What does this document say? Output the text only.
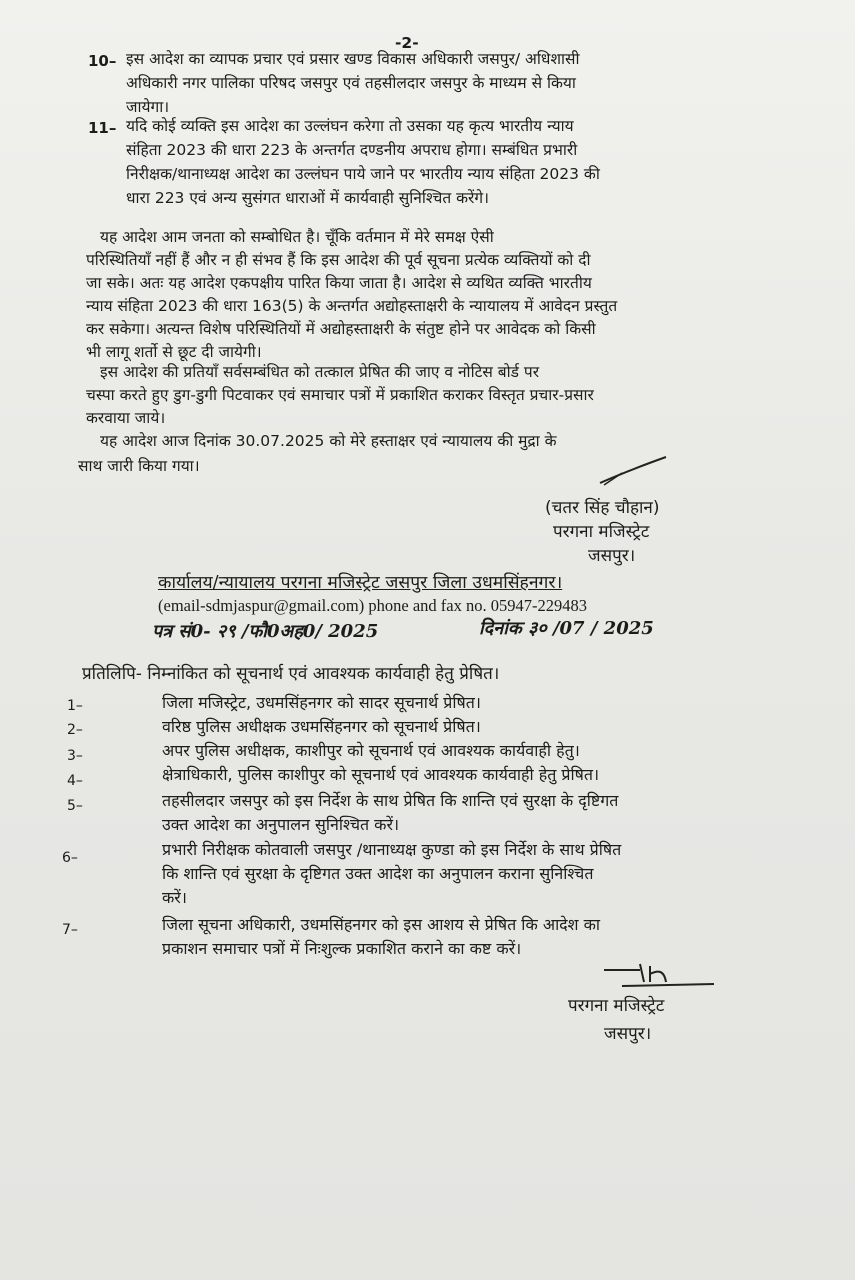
-2-
10– इस आदेश का व्यापक प्रचार एवं प्रसार खण्ड विकास अधिकारी जसपुर/ अधिशासी
अधिकारी नगर पालिका परिषद जसपुर एवं तहसीलदार जसपुर के माध्यम से किया
जायेगा।
11– यदि कोई व्यक्ति इस आदेश का उल्लंघन करेगा तो उसका यह कृत्य भारतीय न्याय
संहिता 2023 की धारा 223 के अन्तर्गत दण्डनीय अपराध होगा। सम्बंधित प्रभारी
निरीक्षक/थानाध्यक्ष आदेश का उल्लंघन पाये जाने पर भारतीय न्याय संहिता 2023 की
धारा 223 एवं अन्य सुसंगत धाराओं में कार्यवाही सुनिश्चित करेंगे।
यह आदेश आम जनता को सम्बोधित है। चूँकि वर्तमान में मेरे समक्ष ऐसी
परिस्थितियाँ नहीं हैं और न ही संभव हैं कि इस आदेश की पूर्व सूचना प्रत्येक व्यक्तियों को दी
जा सके। अतः यह आदेश एकपक्षीय पारित किया जाता है। आदेश से व्यथित व्यक्ति भारतीय
न्याय संहिता 2023 की धारा 163(5) के अन्तर्गत अद्योहस्ताक्षरी के न्यायालय में आवेदन प्रस्तुत
कर सकेगा। अत्यन्त विशेष परिस्थितियों में अद्योहस्ताक्षरी के संतुष्ट होने पर आवेदक को किसी
भी लागू शर्तो से छूट दी जायेगी।
इस आदेश की प्रतियाँ सर्वसम्बंधित को तत्काल प्रेषित की जाए व नोटिस बोर्ड पर
चस्पा करते हुए डुग-डुगी पिटवाकर एवं समाचार पत्रों में प्रकाशित कराकर विस्तृत प्रचार-प्रसार
करवाया जाये।
यह आदेश आज दिनांक 30.07.2025 को मेरे हस्ताक्षर एवं न्यायालय की मुद्रा के
साथ जारी किया गया।
(चतर सिंह चौहान)
परगना मजिस्ट्रेट
जसपुर।
कार्यालय/न्यायालय परगना मजिस्ट्रेट जसपुर जिला उधमसिंहनगर।
(email-sdmjaspur@gmail.com) phone and fax no. 05947-229483
पत्र सं0- २९ /फौ0अह0/ 2025	दिनांक ३० /07 / 2025
प्रतिलिपि- निम्नांकित को सूचनार्थ एवं आवश्यक कार्यवाही हेतु प्रेषित।
1–	जिला मजिस्ट्रेट, उधमसिंहनगर को सादर सूचनार्थ प्रेषित।
2–	वरिष्ठ पुलिस अधीक्षक उधमसिंहनगर को सूचनार्थ प्रेषित।
3–	अपर पुलिस अधीक्षक, काशीपुर को सूचनार्थ एवं आवश्यक कार्यवाही हेतु।
4–	क्षेत्राधिकारी, पुलिस काशीपुर को सूचनार्थ एवं आवश्यक कार्यवाही हेतु प्रेषित।
5–	तहसीलदार जसपुर को इस निर्देश के साथ प्रेषित कि शान्ति एवं सुरक्षा के दृष्टिगत
उक्त आदेश का अनुपालन सुनिश्चित करें।
6–	प्रभारी निरीक्षक कोतवाली जसपुर /थानाध्यक्ष कुण्डा को इस निर्देश के साथ प्रेषित
कि शान्ति एवं सुरक्षा के दृष्टिगत उक्त आदेश का अनुपालन कराना सुनिश्चित
करें।
7–	जिला सूचना अधिकारी, उधमसिंहनगर को इस आशय से प्रेषित कि आदेश का
प्रकाशन समाचार पत्रों में निःशुल्क प्रकाशित कराने का कष्ट करें।
परगना मजिस्ट्रेट
जसपुर।
